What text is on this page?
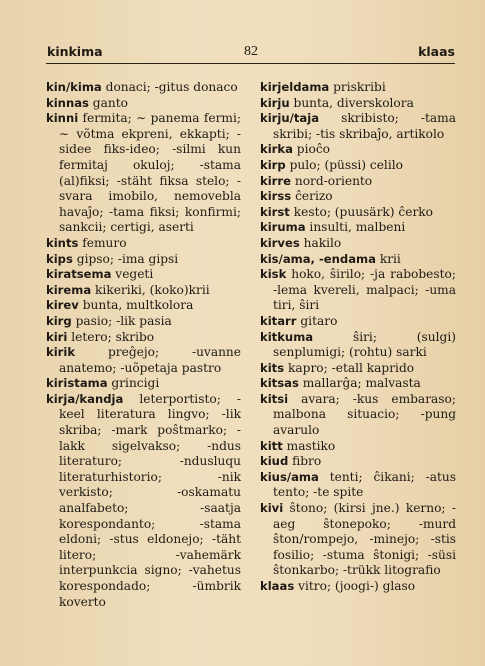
82
kinkima	klaas

kin/kima donaci; -gitus donaco

kinnas ganto

kinni fermita; ∼ panema fermi; ∼ võtma ekpreni, ekkapti; -sidee fiks-ideo; -silmi kun fermitaj okuloj; -stama (al)fiksi; -stäht fiksa stelo; -svara imobilo, nemovebla havaĵo; -tama fiksi; konfirmi; sankcii; certigi, aserti

kints femuro

kips gipso; -ima gipsi

kiratsema vegeti

kirema kikeriki, (koko)krii

kirev bunta, multkolora

kirg pasio; -lik pasia

kiri letero; skribo

kirik preĝejo; -uvanne anatemo; -uõpetaja pastro

kiristama grincigi

kirja/kandja leterportisto; -keel literatura lingvo; -lik skriba; -mark poŝtmarko; -lakk sigelvakso; -ndus literaturo; -ndusluqu literaturhistorio; -nik verkisto; -oskamatu analfabeto; -saatja korespondanto; -stama eldoni; -stus eldonejo; -täht litero; -vahemärk interpunkcia signo; -vahetus korespondado; -ümbrik koverto

kirjeldama priskribi

kirju bunta, diverskolora

kirju/taja skribisto; -tama skribi; -tis skribaĵo, artikolo

kirka pioĉo

kirp pulo; (püssi) celilo

kirre nord-oriento

kirss ĉerizo

kirst kesto; (puusärk) ĉerko

kiruma insulti, malbeni

kirves hakilo

kis/ama, -endama krii

kisk hoko, ŝirilo; -ja rabobesto; -lema kvereli, malpaci; -uma tiri, ŝiri

kitarr gitaro

kitkuma ŝiri; (sulgi) senplumigi; (rohtu) sarki

kits kapro; -etall kaprido

kitsas mallarĝa; malvasta

kitsi avara; -kus embaraso; malbona situacio; -pung avarulo

kitt mastiko

kiud fibro

kius/ama tenti; ĉikani; -atus tento; -te spite

kivi ŝtono; (kirsi jne.) kerno; -aeg ŝtonepoko; -murd ŝton/rompejo, -minejo; -stis fosilio; -stuma ŝtonigi; -süsi ŝtonkarbo; -trükk litografio

klaas vitro; (joogi-) glaso
